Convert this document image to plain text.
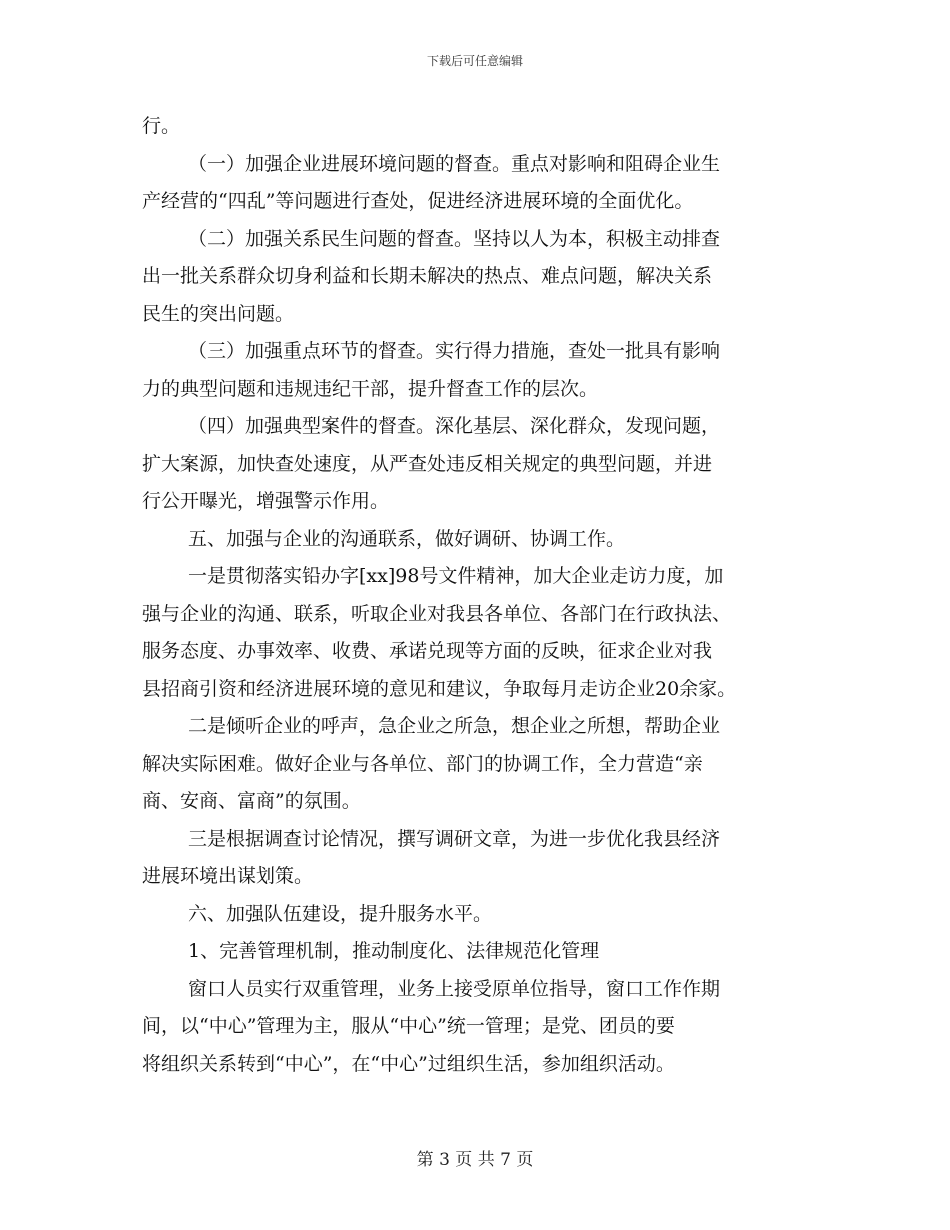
下载后可任意编辑
行。
（一）加强企业进展环境问题的督查。重点对影响和阻碍企业生
产经营的“四乱”等问题进行查处，促进经济进展环境的全面优化。
（二）加强关系民生问题的督查。坚持以人为本，积极主动排查
出一批关系群众切身利益和长期未解决的热点、难点问题，解决关系
民生的突出问题。
（三）加强重点环节的督查。实行得力措施，查处一批具有影响
力的典型问题和违规违纪干部，提升督查工作的层次。
（四）加强典型案件的督查。深化基层、深化群众，发现问题，
扩大案源，加快查处速度，从严查处违反相关规定的典型问题，并进
行公开曝光，增强警示作用。
五、加强与企业的沟通联系，做好调研、协调工作。
一是贯彻落实铅办字[xx]98号文件精神，加大企业走访力度，加
强与企业的沟通、联系，听取企业对我县各单位、各部门在行政执法、
服务态度、办事效率、收费、承诺兑现等方面的反映，征求企业对我
县招商引资和经济进展环境的意见和建议，争取每月走访企业20余家。
二是倾听企业的呼声，急企业之所急，想企业之所想，帮助企业
解决实际困难。做好企业与各单位、部门的协调工作，全力营造“亲
商、安商、富商”的氛围。
三是根据调查讨论情况，撰写调研文章，为进一步优化我县经济
进展环境出谋划策。
六、加强队伍建设，提升服务水平。
1、完善管理机制，推动制度化、法律规范化管理
窗口人员实行双重管理，业务上接受原单位指导，窗口工作作期
间，以“中心”管理为主，服从“中心”统一管理；是党、团员的要
将组织关系转到“中心”，在“中心”过组织生活，参加组织活动。
第 3 页 共 7 页
